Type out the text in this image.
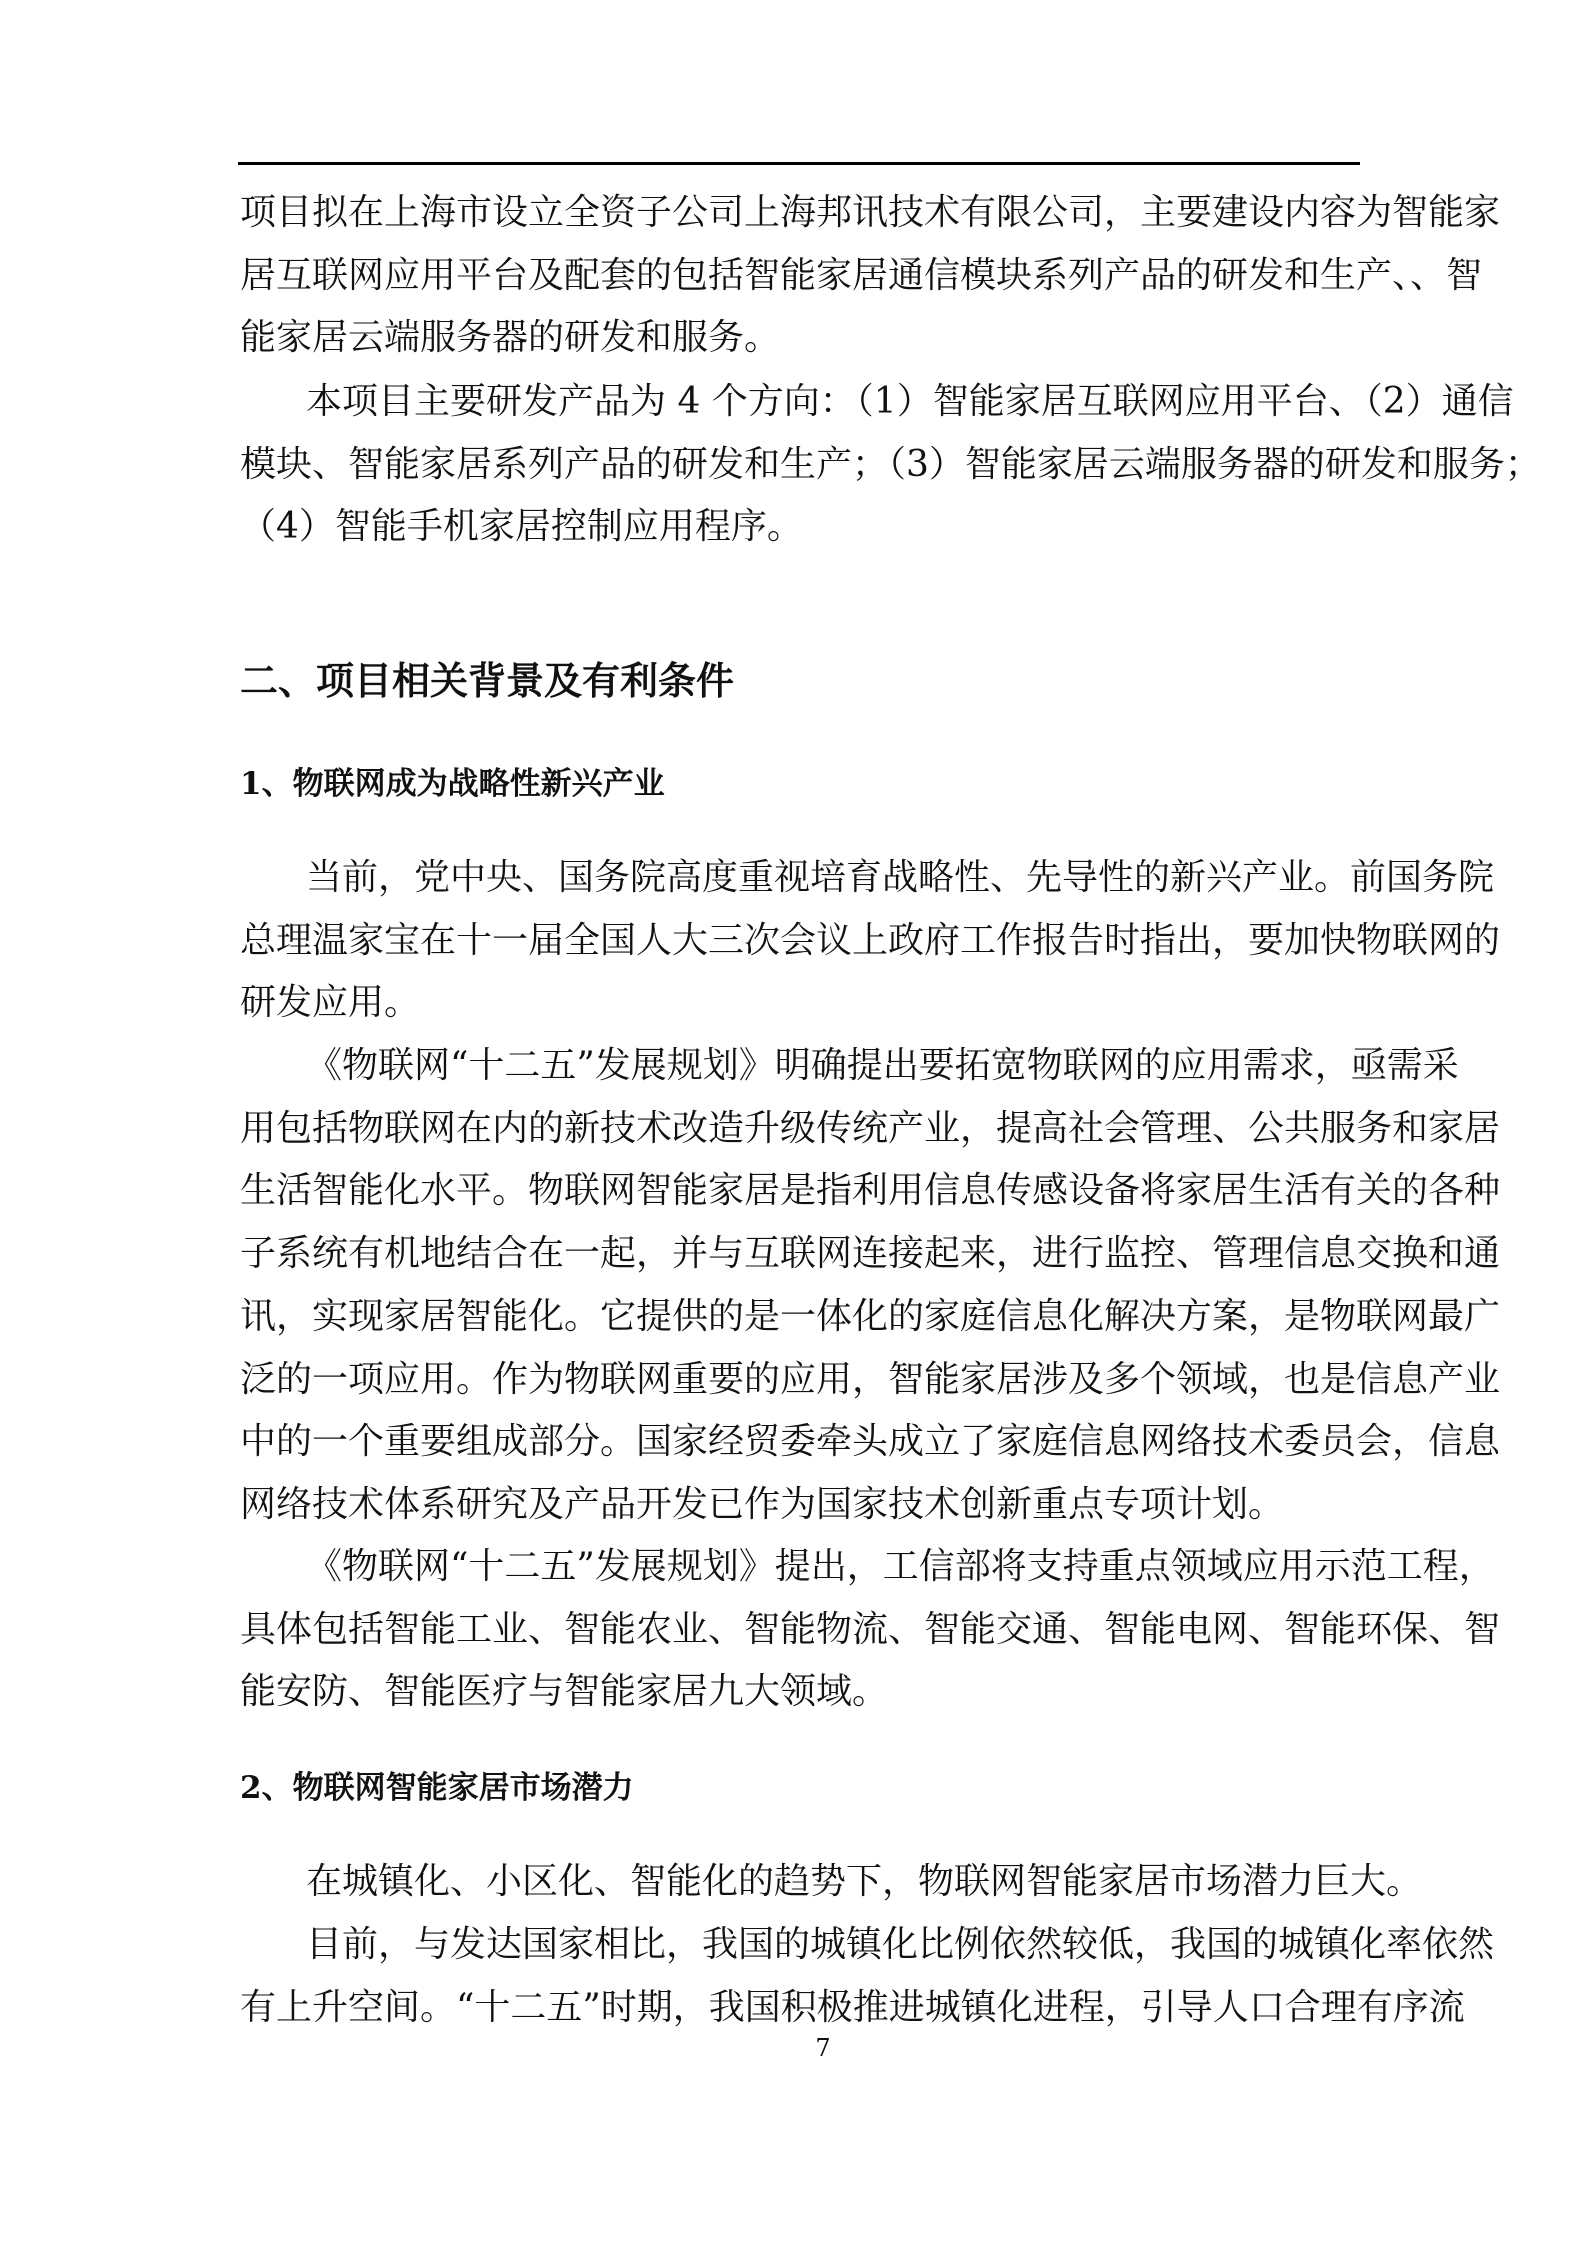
项目拟在上海市设立全资子公司上海邦讯技术有限公司，主要建设内容为智能家
居互联网应用平台及配套的包括智能家居通信模块系列产品的研发和生产、、智
能家居云端服务器的研发和服务。
本项目主要研发产品为 4 个方向：（1）智能家居互联网应用平台、（2）通信
模块、智能家居系列产品的研发和生产；（3）智能家居云端服务器的研发和服务；
（4）智能手机家居控制应用程序。
二、项目相关背景及有利条件
1、物联网成为战略性新兴产业
当前，党中央、国务院高度重视培育战略性、先导性的新兴产业。前国务院
总理温家宝在十一届全国人大三次会议上政府工作报告时指出，要加快物联网的
研发应用。
《物联网“十二五”发展规划》明确提出要拓宽物联网的应用需求，亟需采
用包括物联网在内的新技术改造升级传统产业，提高社会管理、公共服务和家居
生活智能化水平。物联网智能家居是指利用信息传感设备将家居生活有关的各种
子系统有机地结合在一起，并与互联网连接起来，进行监控、管理信息交换和通
讯，实现家居智能化。它提供的是一体化的家庭信息化解决方案，是物联网最广
泛的一项应用。作为物联网重要的应用，智能家居涉及多个领域，也是信息产业
中的一个重要组成部分。国家经贸委牵头成立了家庭信息网络技术委员会，信息
网络技术体系研究及产品开发已作为国家技术创新重点专项计划。
《物联网“十二五”发展规划》提出，工信部将支持重点领域应用示范工程，
具体包括智能工业、智能农业、智能物流、智能交通、智能电网、智能环保、智
能安防、智能医疗与智能家居九大领域。
2、物联网智能家居市场潜力
在城镇化、小区化、智能化的趋势下，物联网智能家居市场潜力巨大。
目前，与发达国家相比，我国的城镇化比例依然较低，我国的城镇化率依然
有上升空间。“十二五”时期，我国积极推进城镇化进程，引导人口合理有序流
7
